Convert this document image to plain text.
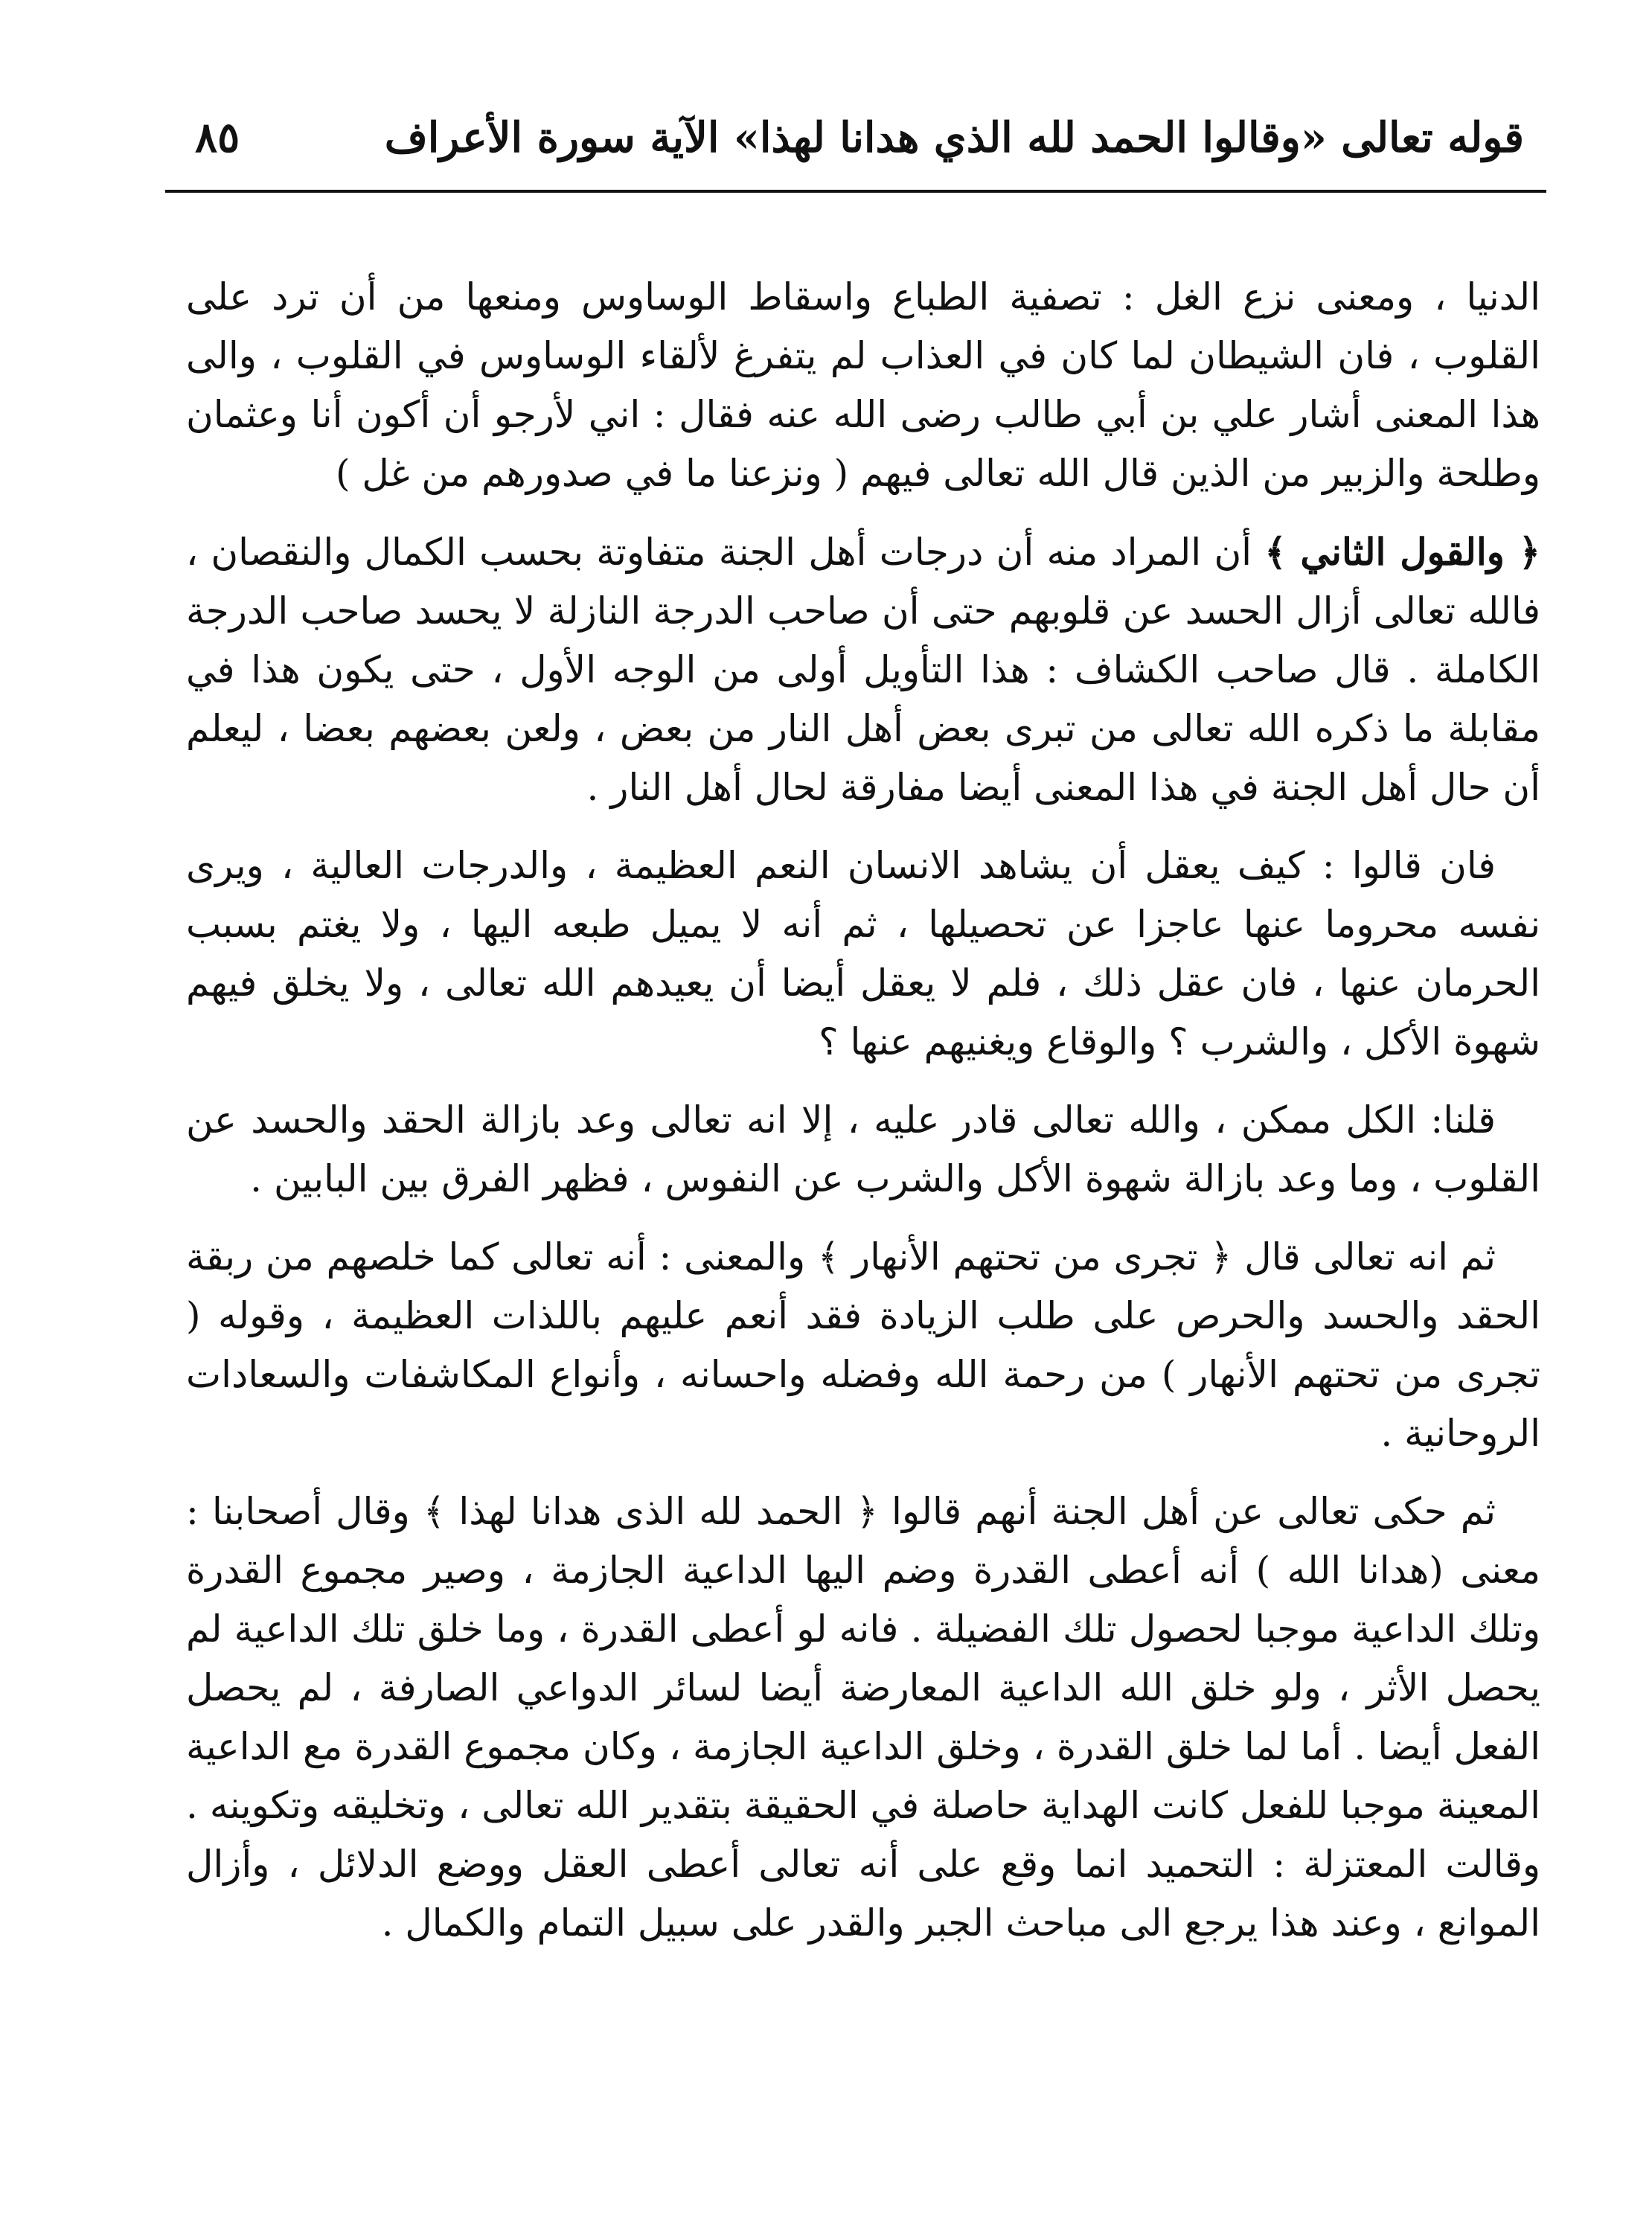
قوله تعالى «وقالوا الحمد لله الذي هدانا لهذا» الآية سورة الأعراف
٨٥

الدنيا ، ومعنى نزع الغل : تصفية الطباع واسقاط الوساوس ومنعها من أن ترد على القلوب ، فان الشيطان لما كان في العذاب لم يتفرغ لألقاء الوساوس في القلوب ، والى هذا المعنى أشار علي بن أبي طالب رضى الله عنه فقال : اني لأرجو أن أكون أنا وعثمان وطلحة والزبير من الذين قال الله تعالى فيهم ( ونزعنا ما في صدورهم من غل )

﴿ والقول الثاني ﴾ أن المراد منه أن درجات أهل الجنة متفاوتة بحسب الكمال والنقصان ، فالله تعالى أزال الحسد عن قلوبهم حتى أن صاحب الدرجة النازلة لا يحسد صاحب الدرجة الكاملة . قال صاحب الكشاف : هذا التأويل أولى من الوجه الأول ، حتى يكون هذا في مقابلة ما ذكره الله تعالى من تبرى بعض أهل النار من بعض ، ولعن بعضهم بعضا ، ليعلم أن حال أهل الجنة في هذا المعنى أيضا مفارقة لحال أهل النار .

فان قالوا : كيف يعقل أن يشاهد الانسان النعم العظيمة ، والدرجات العالية ، ويرى نفسه محروما عنها عاجزا عن تحصيلها ، ثم أنه لا يميل طبعه اليها ، ولا يغتم بسبب الحرمان عنها ، فان عقل ذلك ، فلم لا يعقل أيضا أن يعيدهم الله تعالى ، ولا يخلق فيهم شهوة الأكل ، والشرب ؟ والوقاع ويغنيهم عنها ؟

قلنا: الكل ممكن ، والله تعالى قادر عليه ، إلا انه تعالى وعد بازالة الحقد والحسد عن القلوب ، وما وعد بازالة شهوة الأكل والشرب عن النفوس ، فظهر الفرق بين البابين .

ثم انه تعالى قال ﴿ تجرى من تحتهم الأنهار ﴾ والمعنى : أنه تعالى كما خلصهم من ربقة الحقد والحسد والحرص على طلب الزيادة فقد أنعم عليهم باللذات العظيمة ، وقوله ( تجرى من تحتهم الأنهار ) من رحمة الله وفضله واحسانه ، وأنواع المكاشفات والسعادات الروحانية .

ثم حكى تعالى عن أهل الجنة أنهم قالوا ﴿ الحمد لله الذى هدانا لهذا ﴾ وقال أصحابنا : معنى (هدانا الله ) أنه أعطى القدرة وضم اليها الداعية الجازمة ، وصير مجموع القدرة وتلك الداعية موجبا لحصول تلك الفضيلة . فانه لو أعطى القدرة ، وما خلق تلك الداعية لم يحصل الأثر ، ولو خلق الله الداعية المعارضة أيضا لسائر الدواعي الصارفة ، لم يحصل الفعل أيضا . أما لما خلق القدرة ، وخلق الداعية الجازمة ، وكان مجموع القدرة مع الداعية المعينة موجبا للفعل كانت الهداية حاصلة في الحقيقة بتقدير الله تعالى ، وتخليقه وتكوينه . وقالت المعتزلة : التحميد انما وقع على أنه تعالى أعطى العقل ووضع الدلائل ، وأزال الموانع ، وعند هذا يرجع الى مباحث الجبر والقدر على سبيل التمام والكمال .
